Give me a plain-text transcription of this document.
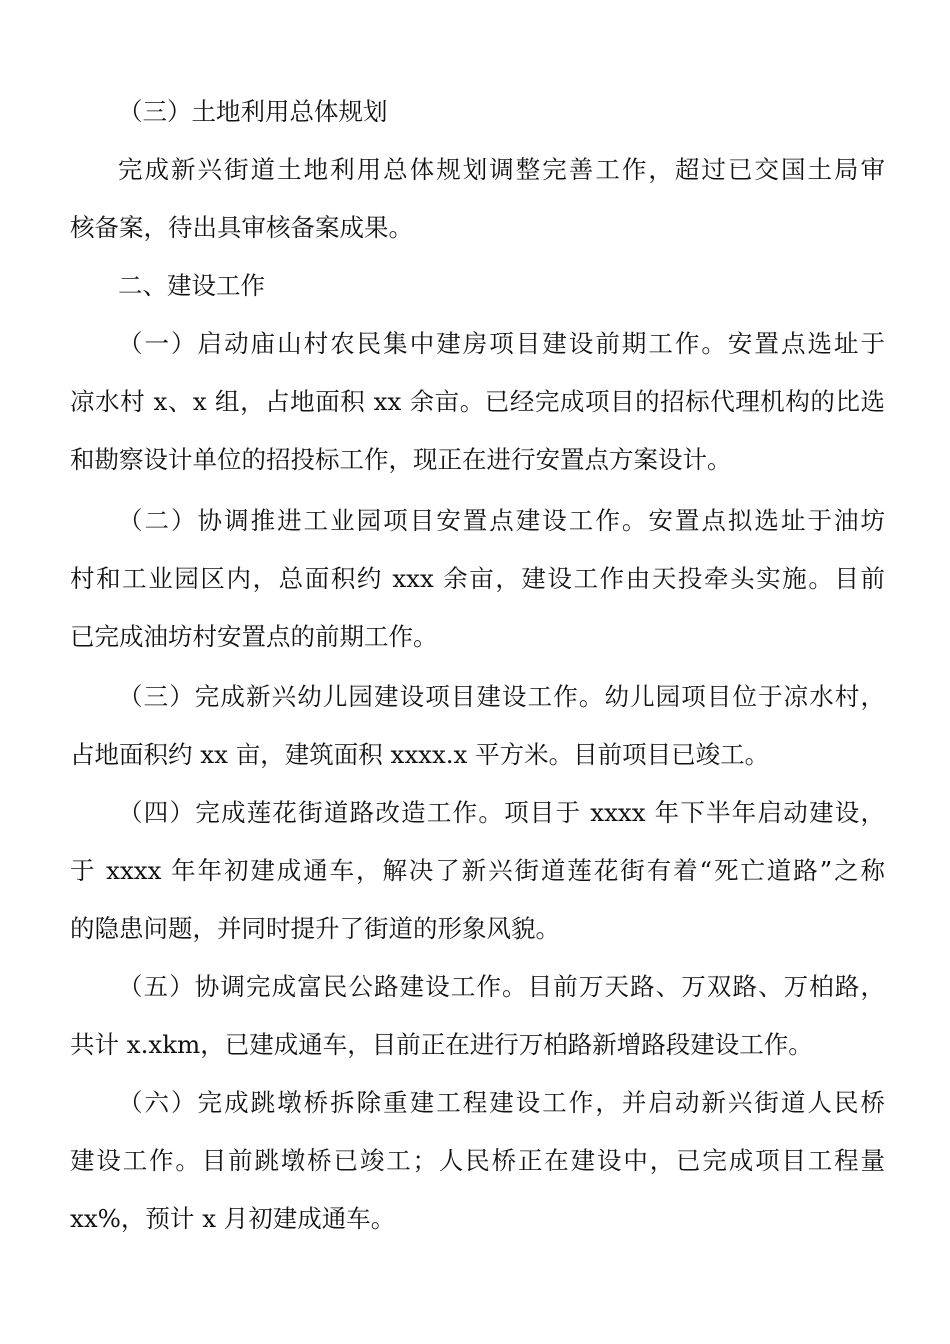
（三）土地利用总体规划
完成新兴街道土地利用总体规划调整完善工作，超过已交国土局审
核备案，待出具审核备案成果。
二、建设工作
（一）启动庙山村农民集中建房项目建设前期工作。安置点选址于
凉水村 x、x 组，占地面积 xx 余亩。已经完成项目的招标代理机构的比选
和勘察设计单位的招投标工作，现正在进行安置点方案设计。
（二）协调推进工业园项目安置点建设工作。安置点拟选址于油坊
村和工业园区内，总面积约 xxx 余亩，建设工作由天投牵头实施。目前
已完成油坊村安置点的前期工作。
（三）完成新兴幼儿园建设项目建设工作。幼儿园项目位于凉水村，
占地面积约 xx 亩，建筑面积 xxxx.x 平方米。目前项目已竣工。
（四）完成莲花街道路改造工作。项目于 xxxx 年下半年启动建设，
于 xxxx 年年初建成通车，解决了新兴街道莲花街有着“死亡道路”之称
的隐患问题，并同时提升了街道的形象风貌。
（五）协调完成富民公路建设工作。目前万天路、万双路、万柏路，
共计 x.xkm，已建成通车，目前正在进行万柏路新增路段建设工作。
（六）完成跳墩桥拆除重建工程建设工作，并启动新兴街道人民桥
建设工作。目前跳墩桥已竣工；人民桥正在建设中，已完成项目工程量
xx%，预计 x 月初建成通车。
